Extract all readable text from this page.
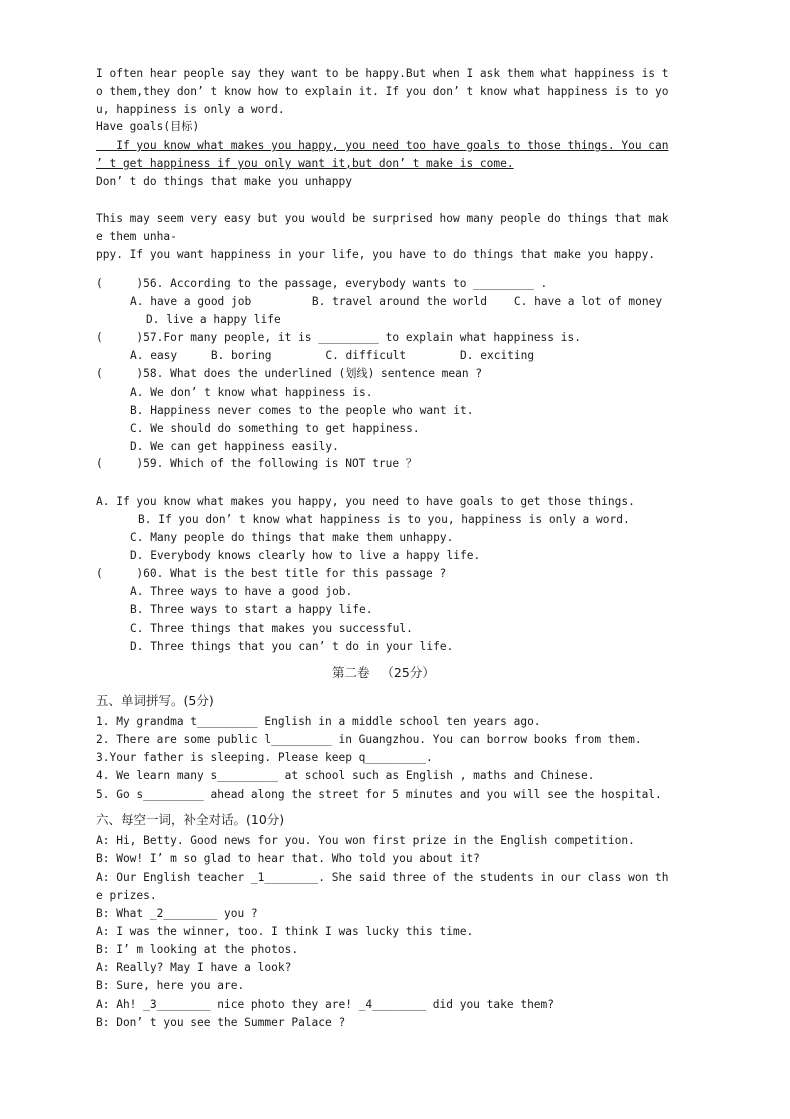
I often hear people say they want to be happy.But when I ask them what happiness is t
o them,they don’ t know how to explain it. If you don’ t know what happiness is to yo
u, happiness is only a word.
Have goals(目标)
If you know what makes you happy, you need too have goals to those things. You can
’ t get happiness if you only want it,but don’ t make is come.
Don’ t do things that make you unhappy
This may seem very easy but you would be surprised how many people do things that mak
e them unha-
ppy. If you want happiness in your life, you have to do things that make you happy.
(     )56. According to the passage, everybody wants to _________ .
A. have a good job         B. travel around the world    C. have a lot of money
D. live a happy life
(     )57.For many people, it is _________ to explain what happiness is.
A. easy     B. boring        C. difficult        D. exciting
(     )58. What does the underlined (划线) sentence mean ?
A. We don’ t know what happiness is.
B. Happiness never comes to the people who want it.
C. We should do something to get happiness.
D. We can get happiness easily.
(     )59. Which of the following is NOT true ？
A. If you know what makes you happy, you need to have goals to get those things.
B. If you don’ t know what happiness is to you, happiness is only a word.
C. Many people do things that make them unhappy.
D. Everybody knows clearly how to live a happy life.
(     )60. What is the best title for this passage ?
A. Three ways to have a good job.
B. Three ways to start a happy life.
C. Three things that makes you successful.
D. Three things that you can’ t do in your life.
第二卷   （25分）
五、单词拼写。(5分)
1. My grandma t_________ English in a middle school ten years ago.
2. There are some public l_________ in Guangzhou. You can borrow books from them.
3.Your father is sleeping. Please keep q_________.
4. We learn many s_________ at school such as English , maths and Chinese.
5. Go s_________ ahead along the street for 5 minutes and you will see the hospital.
六、每空一词，补全对话。(10分)
A: Hi, Betty. Good news for you. You won first prize in the English competition.
B: Wow! I’ m so glad to hear that. Who told you about it?
A: Our English teacher _1________. She said three of the students in our class won th
e prizes.
B: What _2________ you ?
A: I was the winner, too. I think I was lucky this time.
B: I’ m looking at the photos.
A: Really? May I have a look?
B: Sure, here you are.
A: Ah! _3________ nice photo they are! _4________ did you take them?
B: Don’ t you see the Summer Palace ?
